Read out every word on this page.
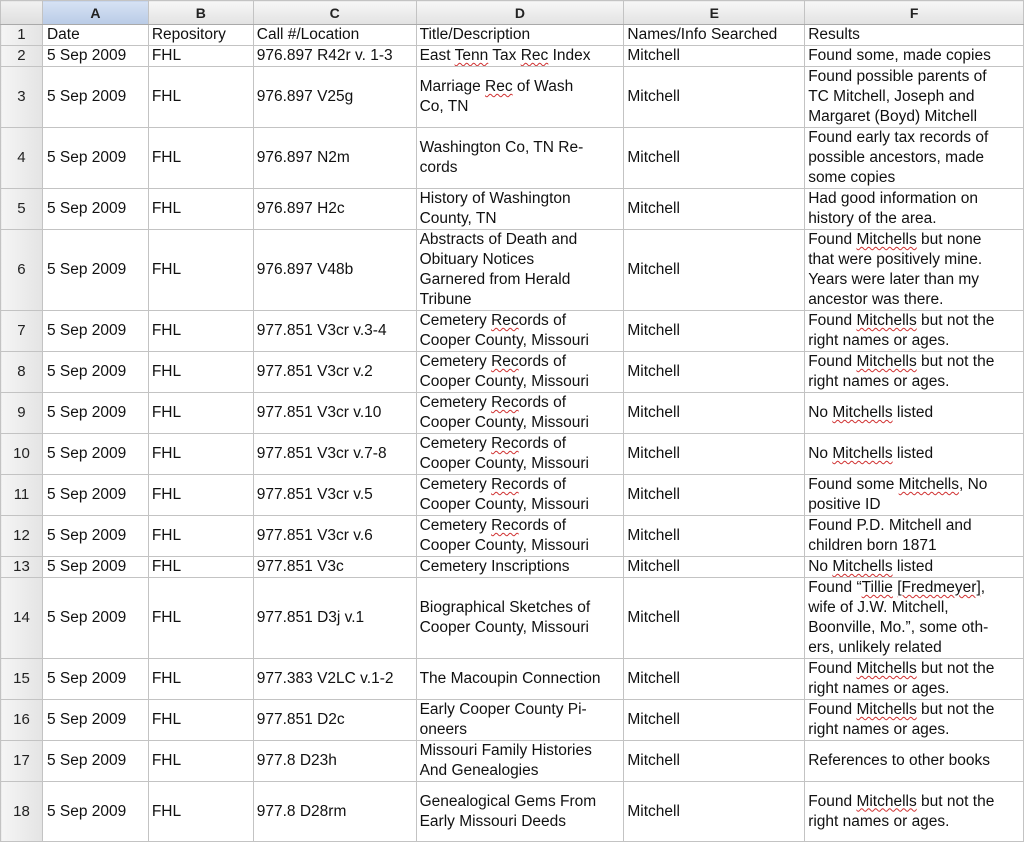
	A	B	C	D	E	F
1	Date	Repository	Call #/Location	Title/Description	Names/Info Searched	Results
2	5 Sep 2009	FHL	976.897 R42r v. 1-3	East Tenn Tax Rec Index	Mitchell	Found some, made copies
3	5 Sep 2009	FHL	976.897 V25g	Marriage Rec of Wash
Co, TN	Mitchell	Found possible parents of
TC Mitchell, Joseph and
Margaret (Boyd) Mitchell
4	5 Sep 2009	FHL	976.897 N2m	Washington Co, TN Re-
cords	Mitchell	Found early tax records of
possible ancestors, made
some copies
5	5 Sep 2009	FHL	976.897 H2c	History of Washington
County, TN	Mitchell	Had good information on
history of the area.
6	5 Sep 2009	FHL	976.897 V48b	Abstracts of Death and
Obituary Notices
Garnered from Herald
Tribune	Mitchell	Found Mitchells but none
that were positively mine.
Years were later than my
ancestor was there.
7	5 Sep 2009	FHL	977.851 V3cr v.3-4	Cemetery Records of
Cooper County, Missouri	Mitchell	Found Mitchells but not the
right names or ages.
8	5 Sep 2009	FHL	977.851 V3cr v.2	Cemetery Records of
Cooper County, Missouri	Mitchell	Found Mitchells but not the
right names or ages.
9	5 Sep 2009	FHL	977.851 V3cr v.10	Cemetery Records of
Cooper County, Missouri	Mitchell	No Mitchells listed
10	5 Sep 2009	FHL	977.851 V3cr v.7-8	Cemetery Records of
Cooper County, Missouri	Mitchell	No Mitchells listed
11	5 Sep 2009	FHL	977.851 V3cr v.5	Cemetery Records of
Cooper County, Missouri	Mitchell	Found some Mitchells, No
positive ID
12	5 Sep 2009	FHL	977.851 V3cr v.6	Cemetery Records of
Cooper County, Missouri	Mitchell	Found P.D. Mitchell and
children born 1871
13	5 Sep 2009	FHL	977.851 V3c	Cemetery Inscriptions	Mitchell	No Mitchells listed
14	5 Sep 2009	FHL	977.851 D3j v.1	Biographical Sketches of
Cooper County, Missouri	Mitchell	Found “Tillie [Fredmeyer],
wife of J.W. Mitchell,
Boonville, Mo.”, some oth-
ers, unlikely related
15	5 Sep 2009	FHL	977.383 V2LC v.1-2	The Macoupin Connection	Mitchell	Found Mitchells but not the
right names or ages.
16	5 Sep 2009	FHL	977.851 D2c	Early Cooper County Pi-
oneers	Mitchell	Found Mitchells but not the
right names or ages.
17	5 Sep 2009	FHL	977.8 D23h	Missouri Family Histories
And Genealogies	Mitchell	References to other books
18	5 Sep 2009	FHL	977.8 D28rm	Genealogical Gems From
Early Missouri Deeds	Mitchell	Found Mitchells but not the
right names or ages.
